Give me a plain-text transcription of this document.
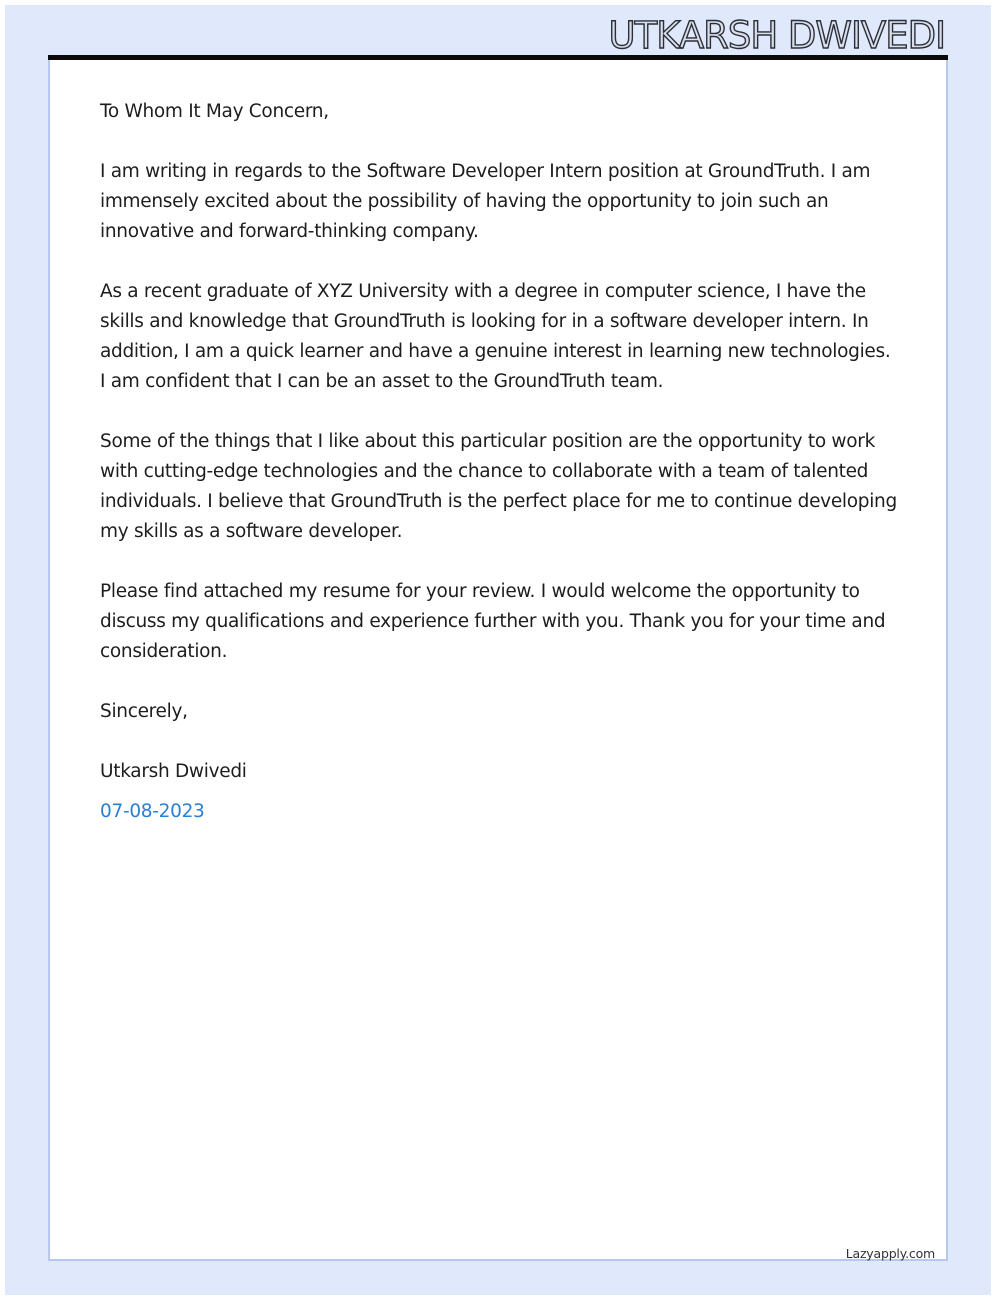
UTKARSH DWIVEDI

To Whom It May Concern,

I am writing in regards to the Software Developer Intern position at GroundTruth. I am immensely excited about the possibility of having the opportunity to join such an innovative and forward-thinking company.

As a recent graduate of XYZ University with a degree in computer science, I have the skills and knowledge that GroundTruth is looking for in a software developer intern. In addition, I am a quick learner and have a genuine interest in learning new technologies. I am confident that I can be an asset to the GroundTruth team.

Some of the things that I like about this particular position are the opportunity to work with cutting-edge technologies and the chance to collaborate with a team of talented individuals. I believe that GroundTruth is the perfect place for me to continue developing my skills as a software developer.

Please find attached my resume for your review. I would welcome the opportunity to discuss my qualifications and experience further with you. Thank you for your time and consideration.

Sincerely,

Utkarsh Dwivedi

07-08-2023

Lazyapply.com
